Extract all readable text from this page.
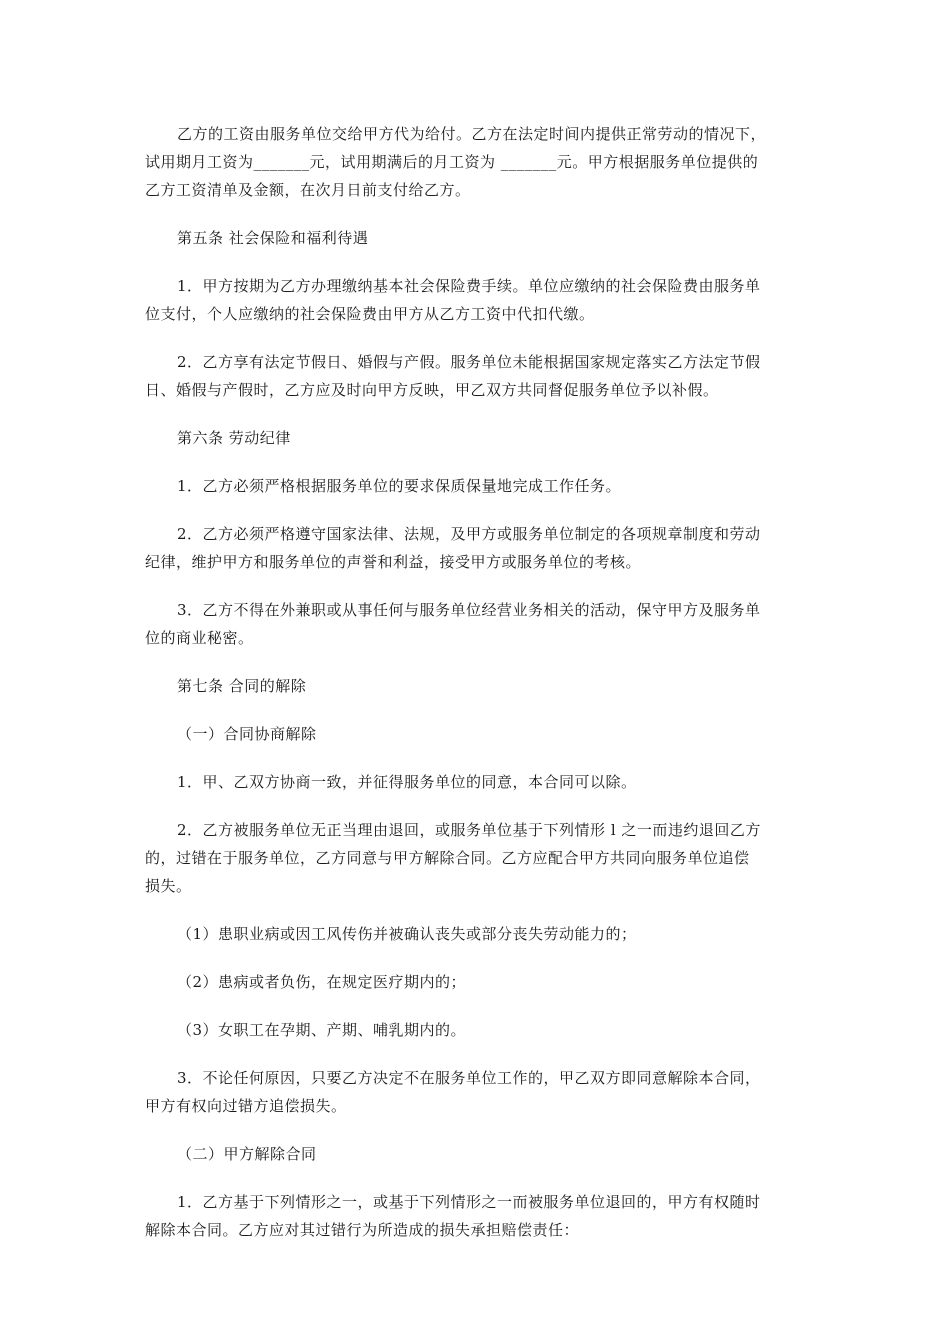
乙方的工资由服务单位交给甲方代为给付。乙方在法定时间内提供正常劳动的情况下，
试用期月工资为_______元，试用期满后的月工资为 _______元。甲方根据服务单位提供的
乙方工资清单及金额，在次月日前支付给乙方。

第五条 社会保险和福利待遇

1．甲方按期为乙方办理缴纳基本社会保险费手续。单位应缴纳的社会保险费由服务单
位支付，个人应缴纳的社会保险费由甲方从乙方工资中代扣代缴。

2．乙方享有法定节假日、婚假与产假。服务单位未能根据国家规定落实乙方法定节假
日、婚假与产假时，乙方应及时向甲方反映，甲乙双方共同督促服务单位予以补假。

第六条 劳动纪律

1．乙方必须严格根据服务单位的要求保质保量地完成工作任务。

2．乙方必须严格遵守国家法律、法规，及甲方或服务单位制定的各项规章制度和劳动
纪律，维护甲方和服务单位的声誉和利益，接受甲方或服务单位的考核。

3．乙方不得在外兼职或从事任何与服务单位经营业务相关的活动，保守甲方及服务单
位的商业秘密。

第七条 合同的解除

（一）合同协商解除

1．甲、乙双方协商一致，并征得服务单位的同意，本合同可以除。

2．乙方被服务单位无正当理由退回，或服务单位基于下列情形 l 之一而违约退回乙方
的，过错在于服务单位，乙方同意与甲方解除合同。乙方应配合甲方共同向服务单位追偿
损失。

（1）患职业病或因工风传伤并被确认丧失或部分丧失劳动能力的；

（2）患病或者负伤，在规定医疗期内的；

（3）女职工在孕期、产期、哺乳期内的。

3．不论任何原因，只要乙方决定不在服务单位工作的，甲乙双方即同意解除本合同，
甲方有权向过错方追偿损失。

（二）甲方解除合同

1．乙方基于下列情形之一，或基于下列情形之一而被服务单位退回的，甲方有权随时
解除本合同。乙方应对其过错行为所造成的损失承担赔偿责任：
